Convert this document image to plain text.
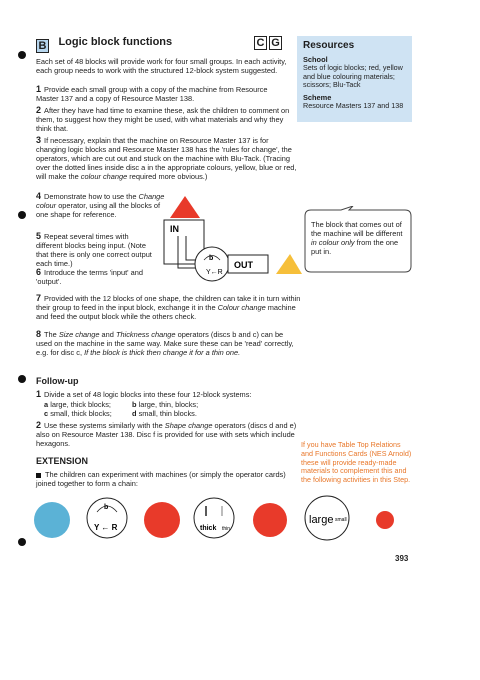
B $^{Logic block functions}$	C G Resources
School
Sets of logic blocks; red, yellow and blue colouring materials; scissors; Blu-Tack
Scheme
Resource Masters 137 and 138
Each set of 48 blocks will provide work for four small groups. In each activity, each group needs to work with the structured 12-block system suggested.
1 Provide each small group with a copy of the machine from Resource Master 137 and a copy of Resource Master 138.
2 After they have had time to examine these, ask the children to comment on them, to suggest how they might be used, with what materials and why they think that.
3 If necessary, explain that the machine on Resource Master 137 is for changing logic blocks and Resource Master 138 has the 'rules for change', the operators, which are cut out and stuck on the machine with Blu-Tack. (Tracing over the dotted lines inside disc a in the appropriate colours, yellow, blue or red, will make the colour change required more obvious.)
4 Demonstrate how to use the Change colour operator, using all the blocks of one shape for reference.
5 Repeat several times with different blocks being input. (Note that there is only one correct output each time.)
6 Introduce the terms 'input' and 'output'.
IN
b
Y←R
OUT
The block that comes out of the machine will be different in colour only from the one put in.
7 Provided with the 12 blocks of one shape, the children can take it in turn within their group to feed in the input block, exchange it in the Colour change machine and feed the output block while the others check.
8 The Size change and Thickness change operators (discs b and c) can be used on the machine in the same way. Make sure these can be 'read' correctly, e.g. for disc c, If the block is thick then change it for a thin one.
Follow-up
1 Divide a set of 48 logic blocks into these four 12-block systems:
a large, thick blocks;	b large, thin, blocks;
c small, thick blocks;	d small, thin blocks.
2 Use these systems similarly with the Shape change operators (discs d and e) also on Resource Master 138. Disc f is provided for use with sets which include hexagons.	If you have Table Top Relations and Functions Cards (NES Arnold) these will provide ready-made materials to complement this and the following activities in this Step.
EXTENSION
The children can experiment with machines (or simply the operator cards) joined together to form a chain:
b
Y ← R	thick thin
large small
393
